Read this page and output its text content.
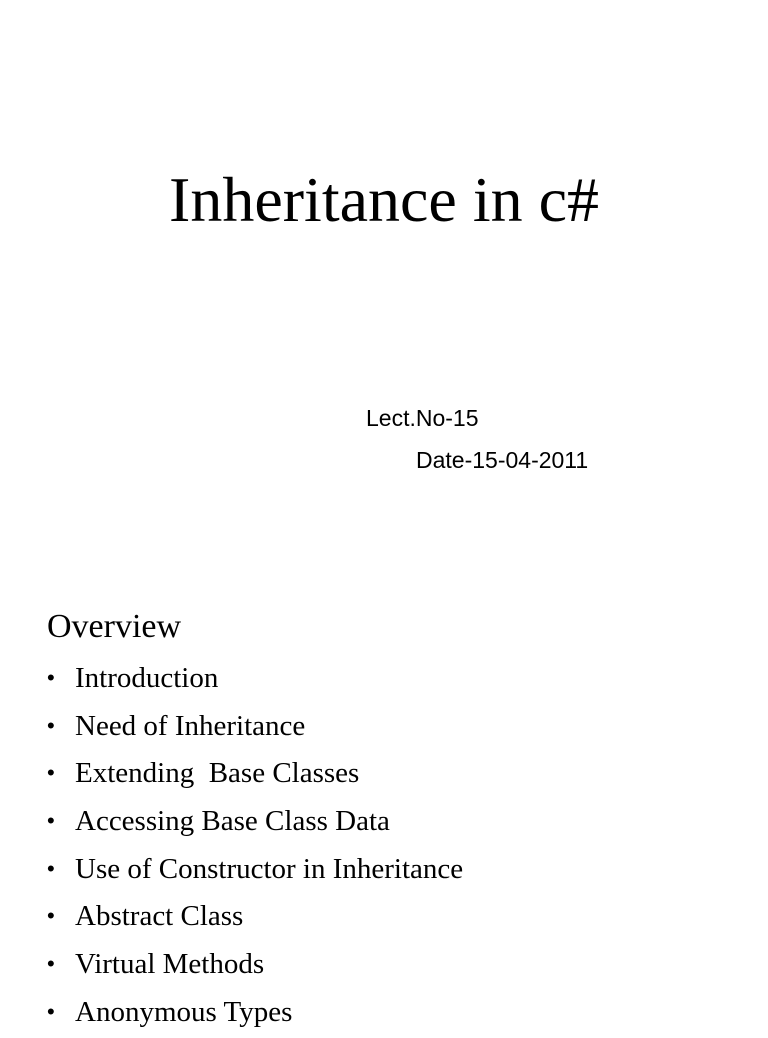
Inheritance in c#
Lect.No-15
Date-15-04-2011
Overview
• Introduction
• Need of Inheritance
• Extending  Base Classes
• Accessing Base Class Data
• Use of Constructor in Inheritance
• Abstract Class
• Virtual Methods
• Anonymous Types
